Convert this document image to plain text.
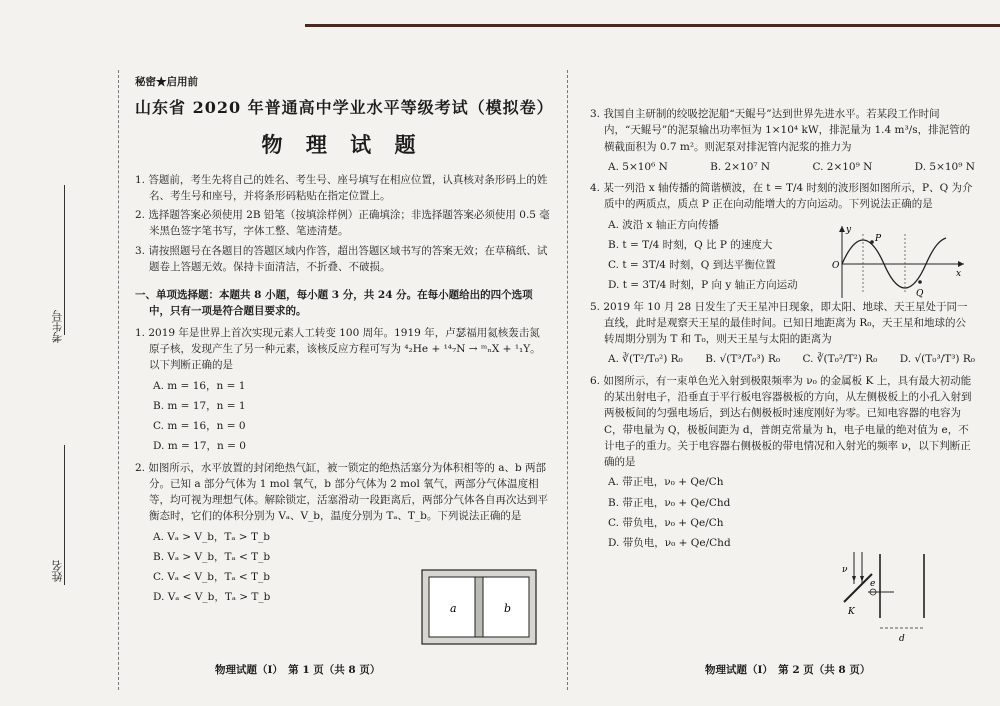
考生号
姓名
秘密★启用前
山东省 2020 年普通高中学业水平等级考试（模拟卷）
物 理 试 题
1. 答题前，考生先将自己的姓名、考生号、座号填写在相应位置，认真核对条形码上的姓名、考生号和座号，并将条形码粘贴在指定位置上。
2. 选择题答案必须使用 2B 铅笔（按填涂样例）正确填涂；非选择题答案必须使用 0.5 毫米黑色签字笔书写，字体工整、笔迹清楚。
3. 请按照题号在各题目的答题区域内作答，超出答题区域书写的答案无效；在草稿纸、试题卷上答题无效。保持卡面清洁，不折叠、不破损。
一、单项选择题：本题共 8 小题，每小题 3 分，共 24 分。在每小题给出的四个选项中，只有一项是符合题目要求的。
1. 2019 年是世界上首次实现元素人工转变 100 周年。1919 年，卢瑟福用氦核轰击氮原子核，发现产生了另一种元素，该核反应方程可写为 ⁴₂He + ¹⁴₇N → ᵐₙX + ¹₁Y。以下判断正确的是
A. m = 16，n = 1
B. m = 17，n = 1
C. m = 16，n = 0
D. m = 17，n = 0
2. 如图所示，水平放置的封闭绝热气缸，被一锁定的绝热活塞分为体积相等的 a、b 两部分。已知 a 部分气体为 1 mol 氧气，b 部分气体为 2 mol 氧气，两部分气体温度相等，均可视为理想气体。解除锁定，活塞滑动一段距离后，两部分气体各自再次达到平衡态时，它们的体积分别为 Vₐ、V_b，温度分别为 Tₐ、T_b。下列说法正确的是
A. Vₐ > V_b，Tₐ > T_b
B. Vₐ > V_b，Tₐ < T_b
C. Vₐ < V_b，Tₐ < T_b
D. Vₐ < V_b，Tₐ > T_b
a	b
物理试题（Ⅰ）　第 1 页（共 8 页）
3. 我国自主研制的绞吸挖泥船“天鲲号”达到世界先进水平。若某段工作时间内，“天鲲号”的泥泵输出功率恒为 1×10⁴ kW，排泥量为 1.4 m³/s，排泥管的横截面积为 0.7 m²。则泥泵对排泥管内泥浆的推力为
A. 5×10⁶ N	B. 2×10⁷ N	C. 2×10⁹ N	D. 5×10⁹ N
4. 某一列沿 x 轴传播的简谐横波，在 t = T/4 时刻的波形图如图所示，P、Q 为介质中的两质点，质点 P 正在向动能增大的方向运动。下列说法正确的是
A. 波沿 x 轴正方向传播
B. t = T/4 时刻，Q 比 P 的速度大
C. t = 3T/4 时刻，Q 到达平衡位置
D. t = 3T/4 时刻，P 向 y 轴正方向运动
5. 2019 年 10 月 28 日发生了天王星冲日现象，即太阳、地球、天王星处于同一直线，此时是观察天王星的最佳时间。已知日地距离为 R₀，天王星和地球的公转周期分别为 T 和 T₀，则天王星与太阳的距离为
A. ∛(T²/T₀²) R₀ B. √(T³/T₀³) R₀ C. ∛(T₀²/T²) R₀ D. √(T₀³/T³) R₀
6. 如图所示，有一束单色光入射到极限频率为 ν₀ 的金属板 K 上，具有最大初动能的某出射电子，沿垂直于平行板电容器极板的方向，从左侧极板上的小孔入射到两极板间的匀强电场后，到达右侧极板时速度刚好为零。已知电容器的电容为 C，带电量为 Q，极板间距为 d，普朗克常量为 h，电子电量的绝对值为 e，不计电子的重力。关于电容器右侧极板的带电情况和入射光的频率 ν，以下判断正确的是
A. 带正电，ν₀ + Qe/Ch
B. 带正电，ν₀ + Qe/Chd
C. 带负电，ν₀ + Qe/Ch
D. 带负电，ν₀ + Qe/Chd
y
x
O
P
Q
ν
e
K
d
物理试题（Ⅰ）　第 2 页（共 8 页）
